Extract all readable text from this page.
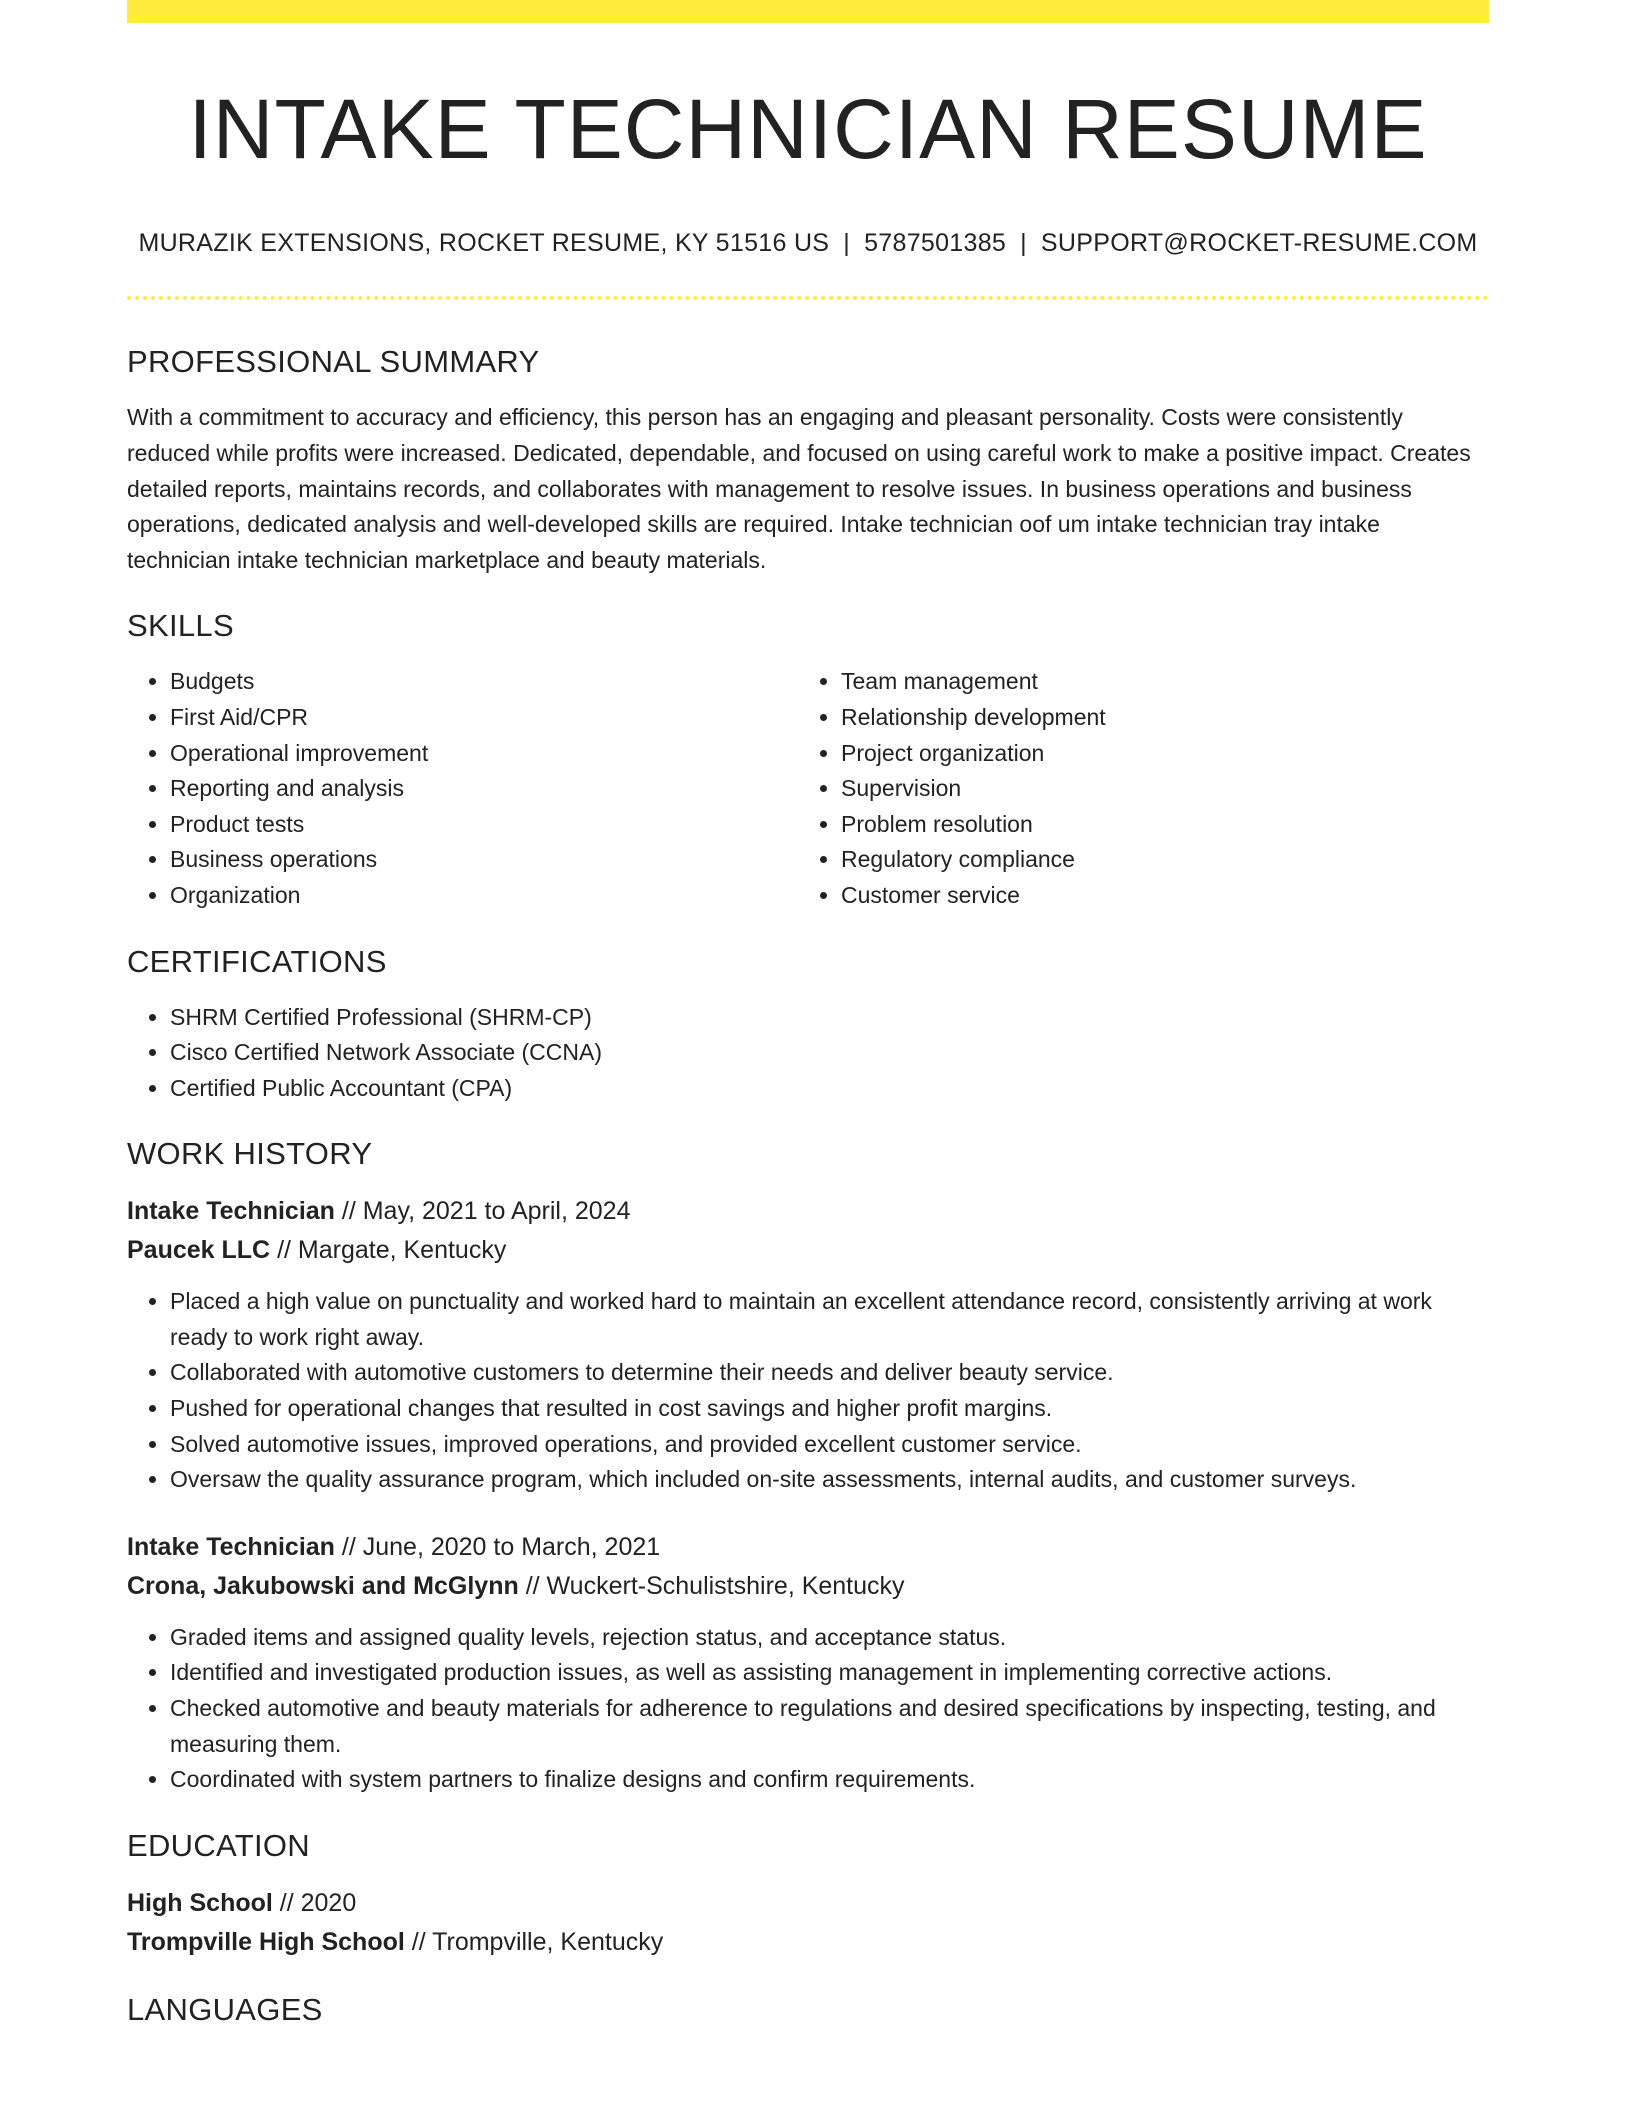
INTAKE TECHNICIAN RESUME
MURAZIK EXTENSIONS, ROCKET RESUME, KY 51516 US | 5787501385 | SUPPORT@ROCKET-RESUME.COM
PROFESSIONAL SUMMARY

With a commitment to accuracy and efficiency, this person has an engaging and pleasant personality. Costs were consistently reduced while profits were increased. Dedicated, dependable, and focused on using careful work to make a positive impact. Creates detailed reports, maintains records, and collaborates with management to resolve issues. In business operations and business operations, dedicated analysis and well-developed skills are required. Intake technician oof um intake technician tray intake technician intake technician marketplace and beauty materials.

SKILLS
• Budgets
• First Aid/CPR
• Operational improvement
• Reporting and analysis
• Product tests
• Business operations
• Organization
• Team management
• Relationship development
• Project organization
• Supervision
• Problem resolution
• Regulatory compliance
• Customer service
CERTIFICATIONS
• SHRM Certified Professional (SHRM-CP)
• Cisco Certified Network Associate (CCNA)
• Certified Public Accountant (CPA)
WORK HISTORY
Intake Technician // May, 2021 to April, 2024
Paucek LLC // Margate, Kentucky
• Placed a high value on punctuality and worked hard to maintain an excellent attendance record, consistently arriving at work ready to work right away.
• Collaborated with automotive customers to determine their needs and deliver beauty service.
• Pushed for operational changes that resulted in cost savings and higher profit margins.
• Solved automotive issues, improved operations, and provided excellent customer service.
• Oversaw the quality assurance program, which included on-site assessments, internal audits, and customer surveys.
Intake Technician // June, 2020 to March, 2021
Crona, Jakubowski and McGlynn // Wuckert-Schulistshire, Kentucky
• Graded items and assigned quality levels, rejection status, and acceptance status.
• Identified and investigated production issues, as well as assisting management in implementing corrective actions.
• Checked automotive and beauty materials for adherence to regulations and desired specifications by inspecting, testing, and measuring them.
• Coordinated with system partners to finalize designs and confirm requirements.
EDUCATION
High School // 2020
Trompville High School // Trompville, Kentucky
LANGUAGES
